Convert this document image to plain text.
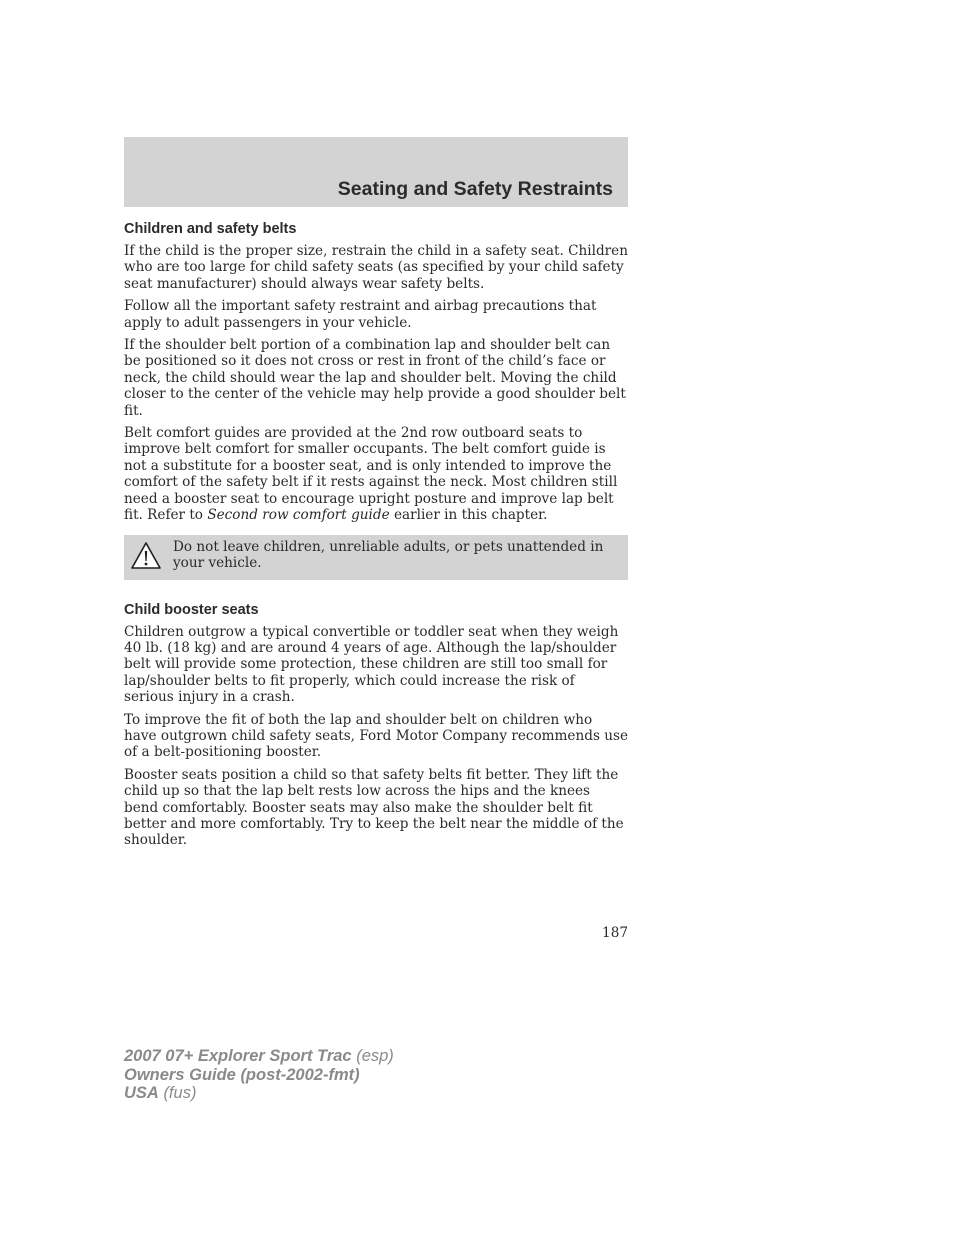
Seating and Safety Restraints
Children and safety belts

If the child is the proper size, restrain the child in a safety seat. Children who are too large for child safety seats (as specified by your child safety seat manufacturer) should always wear safety belts.

Follow all the important safety restraint and airbag precautions that apply to adult passengers in your vehicle.

If the shoulder belt portion of a combination lap and shoulder belt can be positioned so it does not cross or rest in front of the child’s face or neck, the child should wear the lap and shoulder belt. Moving the child closer to the center of the vehicle may help provide a good shoulder belt fit.

Belt comfort guides are provided at the 2nd row outboard seats to improve belt comfort for smaller occupants. The belt comfort guide is not a substitute for a booster seat, and is only intended to improve the comfort of the safety belt if it rests against the neck. Most children still need a booster seat to encourage upright posture and improve lap belt fit. Refer to Second row comfort guide earlier in this chapter.

Do not leave children, unreliable adults, or pets unattended in your vehicle.
Child booster seats

Children outgrow a typical convertible or toddler seat when they weigh 40 lb. (18 kg) and are around 4 years of age. Although the lap/shoulder belt will provide some protection, these children are still too small for lap/shoulder belts to fit properly, which could increase the risk of serious injury in a crash.

To improve the fit of both the lap and shoulder belt on children who have outgrown child safety seats, Ford Motor Company recommends use of a belt-positioning booster.

Booster seats position a child so that safety belts fit better. They lift the child up so that the lap belt rests low across the hips and the knees bend comfortably. Booster seats may also make the shoulder belt fit better and more comfortably. Try to keep the belt near the middle of the shoulder.

187
2007 07+ Explorer Sport Trac (esp)
Owners Guide (post-2002-fmt)
USA (fus)
